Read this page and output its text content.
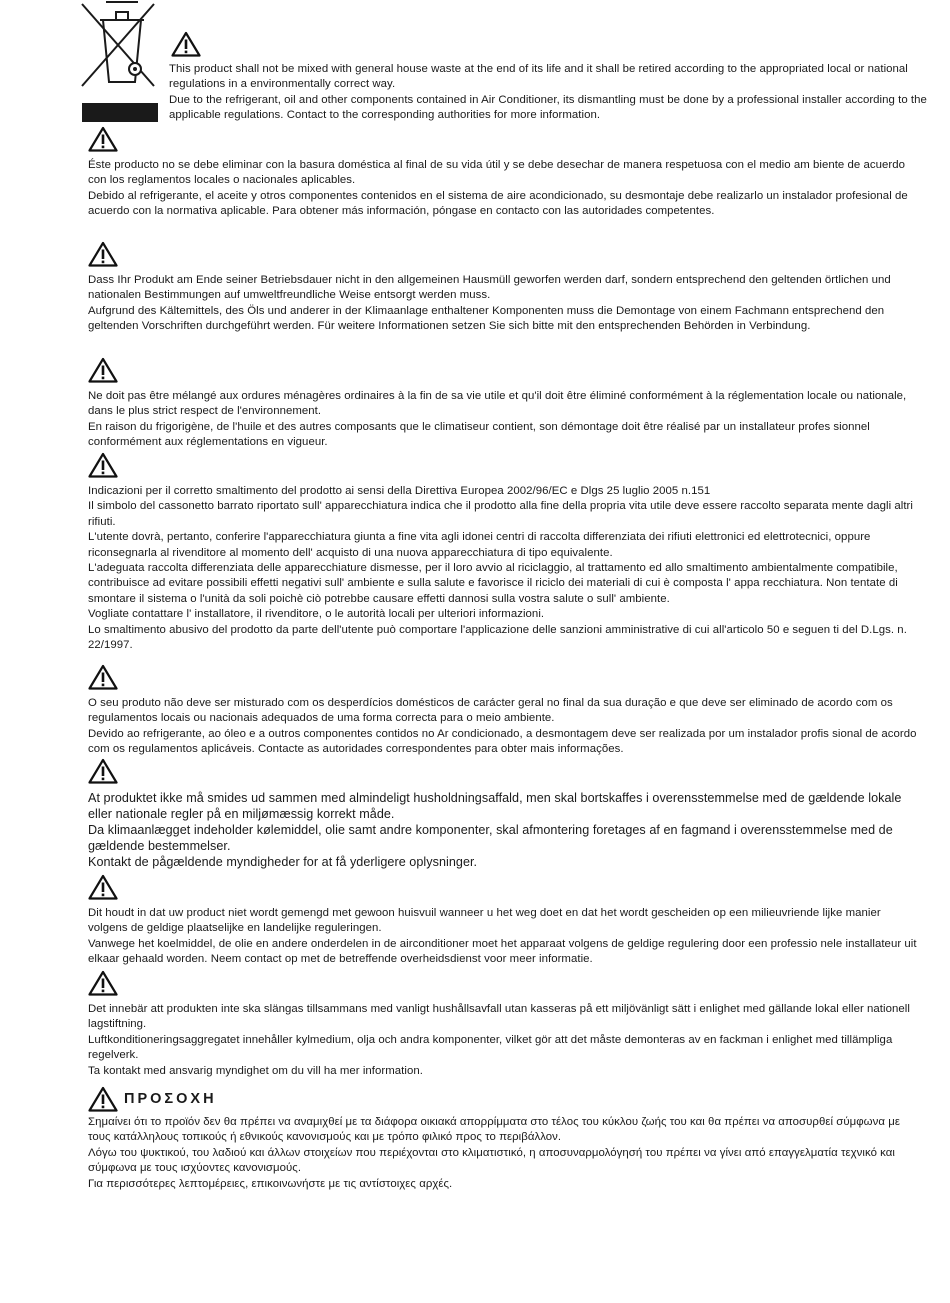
This product shall not be mixed with general house waste at the end of its life and it shall be retired according to the appropriated local or national regulations in a environmentally correct way.

Due to the refrigerant, oil and other components contained in Air Conditioner, its dismantling must be done by a professional installer according to the applicable regulations. Contact to the corresponding authorities for more information.

Éste producto no se debe eliminar con la basura doméstica al final de su vida útil y se debe desechar de manera respetuosa con el medio am biente de acuerdo con los reglamentos locales o nacionales aplicables.

Debido al refrigerante, el aceite y otros componentes contenidos en el sistema de aire acondicionado, su desmontaje debe realizarlo un instalador profesional de acuerdo con la normativa aplicable. Para obtener más información, póngase en contacto con las autoridades competentes.

Dass Ihr Produkt am Ende seiner Betriebsdauer nicht in den allgemeinen Hausmüll geworfen werden darf, sondern entsprechend den geltenden örtlichen und nationalen Bestimmungen auf umweltfreundliche Weise entsorgt werden muss.

Aufgrund des Kältemittels, des Öls und anderer in der Klimaanlage enthaltener Komponenten muss die Demontage von einem Fachmann entsprechend den geltenden Vorschriften durchgeführt werden. Für weitere Informationen setzen Sie sich bitte mit den entsprechenden Behörden in Verbindung.

Ne doit pas être mélangé aux ordures ménagères ordinaires à la fin de sa vie utile et qu'il doit être éliminé conformément à la réglementation locale ou nationale, dans le plus strict respect de l'environnement.

En raison du frigorigène, de l'huile et des autres composants que le climatiseur contient, son démontage doit être réalisé par un installateur profes sionnel conformément aux réglementations en vigueur.

Indicazioni per il corretto smaltimento del prodotto ai sensi della Direttiva Europea 2002/96/EC e Dlgs 25 luglio 2005 n.151

Il simbolo del cassonetto barrato riportato sull' apparecchiatura indica che il prodotto alla fine della propria vita utile deve essere raccolto separata mente dagli altri rifiuti.

L'utente dovrà, pertanto, conferire l'apparecchiatura giunta a fine vita agli idonei centri di raccolta differenziata dei rifiuti elettronici ed elettrotecnici, oppure riconsegnarla al rivenditore al momento dell' acquisto di una nuova apparecchiatura di tipo equivalente.

L'adeguata raccolta differenziata delle apparecchiature dismesse, per il loro avvio al riciclaggio, al trattamento ed allo smaltimento ambientalmente compatibile, contribuisce ad evitare possibili effetti negativi sull' ambiente e sulla salute e favorisce il riciclo dei materiali di cui è composta l' appa recchiatura. Non tentate di smontare il sistema o l'unità da soli poichè ciò potrebbe causare effetti dannosi sulla vostra salute o sull' ambiente.

Vogliate contattare l' installatore, il rivenditore, o le autorità locali per ulteriori informazioni.

Lo smaltimento abusivo del prodotto da parte dell'utente può comportare l'applicazione delle sanzioni amministrative di cui all'articolo 50 e seguen ti del D.Lgs. n. 22/1997.

O seu produto não deve ser misturado com os desperdícios domésticos de carácter geral no final da sua duração e que deve ser eliminado de acordo com os regulamentos locais ou nacionais adequados de uma forma correcta para o meio ambiente.

Devido ao refrigerante, ao óleo e a outros componentes contidos no Ar condicionado, a desmontagem deve ser realizada por um instalador profis sional de acordo com os regulamentos aplicáveis. Contacte as autoridades correspondentes para obter mais informações.

At produktet ikke må smides ud sammen med almindeligt husholdningsaffald, men skal bortskaffes i overensstemmelse med de gældende lokale eller nationale regler på en miljømæssig korrekt måde.

Da klimaanlægget indeholder kølemiddel, olie samt andre komponenter, skal afmontering foretages af en fagmand i overensstemmelse med de gældende bestemmelser.

Kontakt de pågældende myndigheder for at få yderligere oplysninger.

Dit houdt in dat uw product niet wordt gemengd met gewoon huisvuil wanneer u het weg doet en dat het wordt gescheiden op een milieuvriende lijke manier volgens de geldige plaatselijke en landelijke reguleringen.

Vanwege het koelmiddel, de olie en andere onderdelen in de airconditioner moet het apparaat volgens de geldige regulering door een professio nele installateur uit elkaar gehaald worden. Neem contact op met de betreffende overheidsdienst voor meer informatie.

Det innebär att produkten inte ska slängas tillsammans med vanligt hushållsavfall utan kasseras på ett miljövänligt sätt i enlighet med gällande lokal eller nationell lagstiftning.

Luftkonditioneringsaggregatet innehåller kylmedium, olja och andra komponenter, vilket gör att det måste demonteras av en fackman i enlighet med tillämpliga regelverk.

Ta kontakt med ansvarig myndighet om du vill ha mer information.

ΠΡΟΣΟΧΗ

Σημαίνει ότι το προϊόν δεν θα πρέπει να αναμιχθεί με τα διάφορα οικιακά απορρίμματα στο τέλος του κύκλου ζωής του και θα πρέπει να αποσυρθεί σύμφωνα με τους κατάλληλους τοπικούς ή εθνικούς κανονισμούς και με τρόπο φιλικό προς το περιβάλλον.

Λόγω του ψυκτικού, του λαδιού και άλλων στοιχείων που περιέχονται στο κλιματιστικό, η αποσυναρμολόγησή του πρέπει να γίνει από επαγγελματία τεχνικό και σύμφωνα με τους ισχύοντες κανονισμούς.

Για περισσότερες λεπτομέρειες, επικοινωνήστε με τις αντίστοιχες αρχές.
